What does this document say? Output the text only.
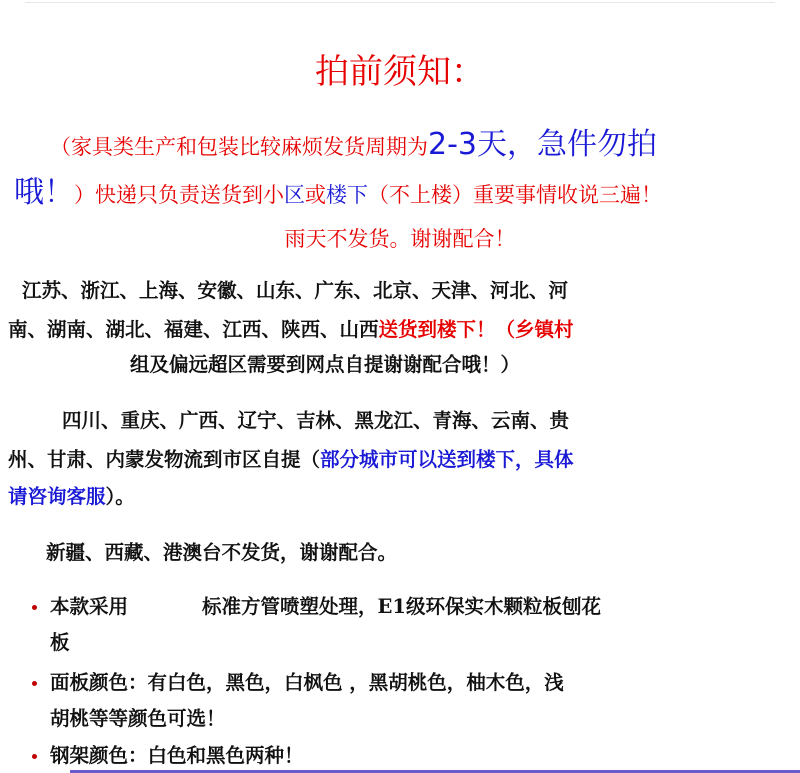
拍前须知：
（家具类生产和包装比较麻烦发货周期为2-3天，急件勿拍
哦！）快递只负责送货到小区或楼下（不上楼）重要事情收说三遍！
雨天不发货。谢谢配合！
江苏、浙江、上海、安徽、山东、广东、北京、天津、河北、河
南、湖南、湖北、福建、江西、陕西、山西送货到楼下！（乡镇村
组及偏远超区需要到网点自提谢谢配合哦！）
四川、重庆、广西、辽宁、吉林、黑龙江、青海、云南、贵
州、甘肃、内蒙发物流到市区自提（部分城市可以送到楼下，具体
请咨询客服）。
新疆、西藏、港澳台不发货，谢谢配合。
本款采用	标准方管喷塑处理，E1级环保实木颗粒板刨花
板
面板颜色：有白色，黑色，白枫色 ，黑胡桃色，柚木色，浅
胡桃等等颜色可选！
钢架颜色：白色和黑色两种！
